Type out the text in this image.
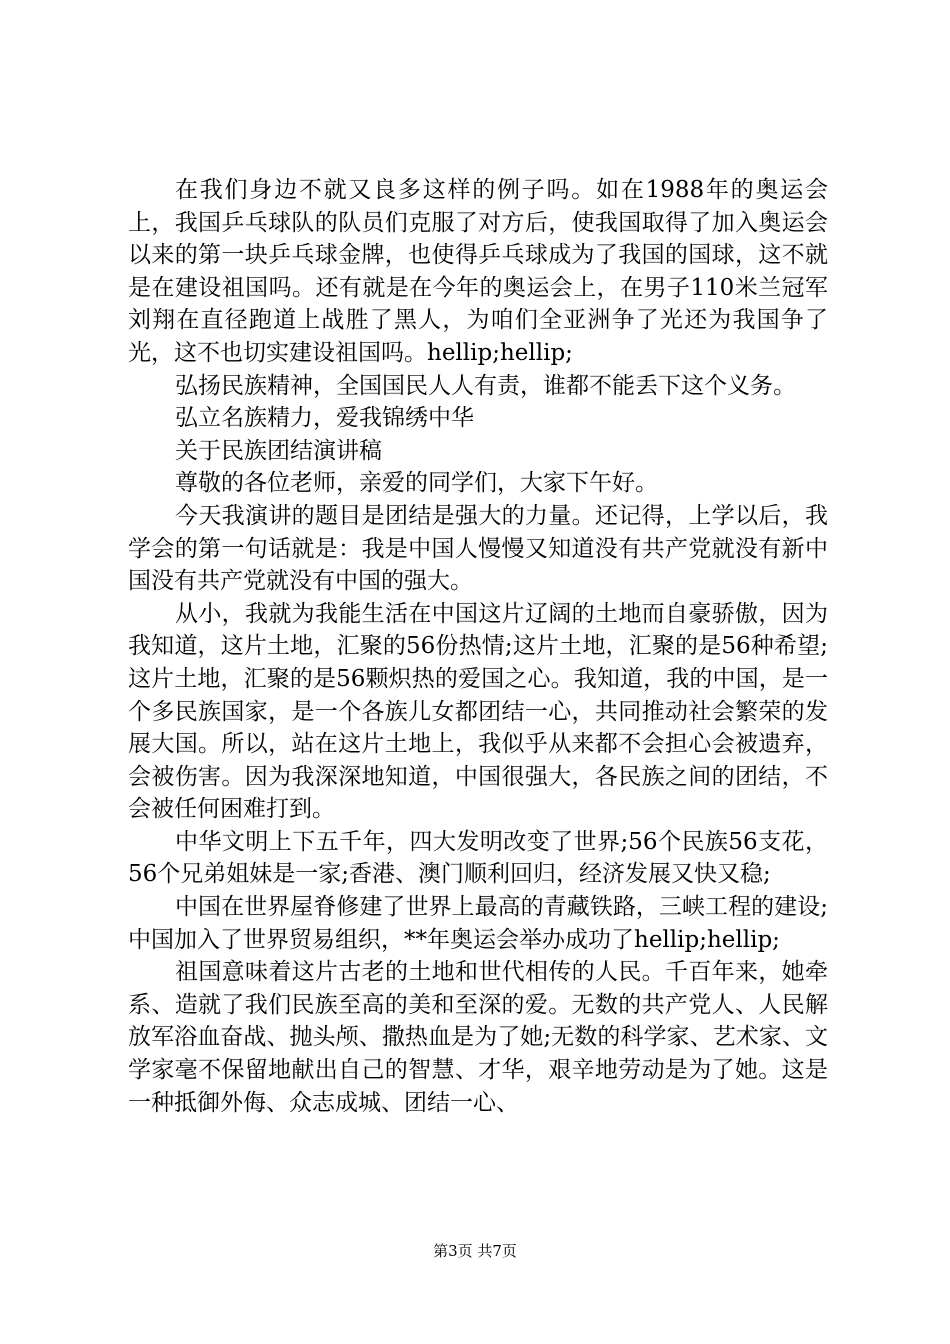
在我们身边不就又良多这样的例子吗。如在1988年的奥运会上，我国乒乓球队的队员们克服了对方后，使我国取得了加入奥运会以来的第一块乒乓球金牌，也使得乒乓球成为了我国的国球，这不就是在建设祖国吗。还有就是在今年的奥运会上，在男子110米兰冠军刘翔在直径跑道上战胜了黑人，为咱们全亚洲争了光还为我国争了光，这不也切实建设祖国吗。hellip;hellip;

弘扬民族精神，全国国民人人有责，谁都不能丢下这个义务。

弘立名族精力，爱我锦绣中华

关于民族团结演讲稿

尊敬的各位老师，亲爱的同学们，大家下午好。

今天我演讲的题目是团结是强大的力量。还记得，上学以后，我学会的第一句话就是：我是中国人慢慢又知道没有共产党就没有新中国没有共产党就没有中国的强大。

从小，我就为我能生活在中国这片辽阔的土地而自豪骄傲，因为我知道，这片土地，汇聚的56份热情;这片土地，汇聚的是56种希望;这片土地，汇聚的是56颗炽热的爱国之心。我知道，我的中国，是一个多民族国家，是一个各族儿女都团结一心，共同推动社会繁荣的发展大国。所以，站在这片土地上，我似乎从来都不会担心会被遗弃，会被伤害。因为我深深地知道，中国很强大，各民族之间的团结，不会被任何困难打到。

中华文明上下五千年，四大发明改变了世界;56个民族56支花，56个兄弟姐妹是一家;香港、澳门顺利回归，经济发展又快又稳;

中国在世界屋脊修建了世界上最高的青藏铁路，三峡工程的建设;中国加入了世界贸易组织，**年奥运会举办成功了hellip;hellip;

祖国意味着这片古老的土地和世代相传的人民。千百年来，她牵系、造就了我们民族至高的美和至深的爱。无数的共产党人、人民解放军浴血奋战、抛头颅、撒热血是为了她;无数的科学家、艺术家、文学家毫不保留地献出自己的智慧、才华，艰辛地劳动是为了她。这是一种抵御外侮、众志成城、团结一心、

第3页 共7页
